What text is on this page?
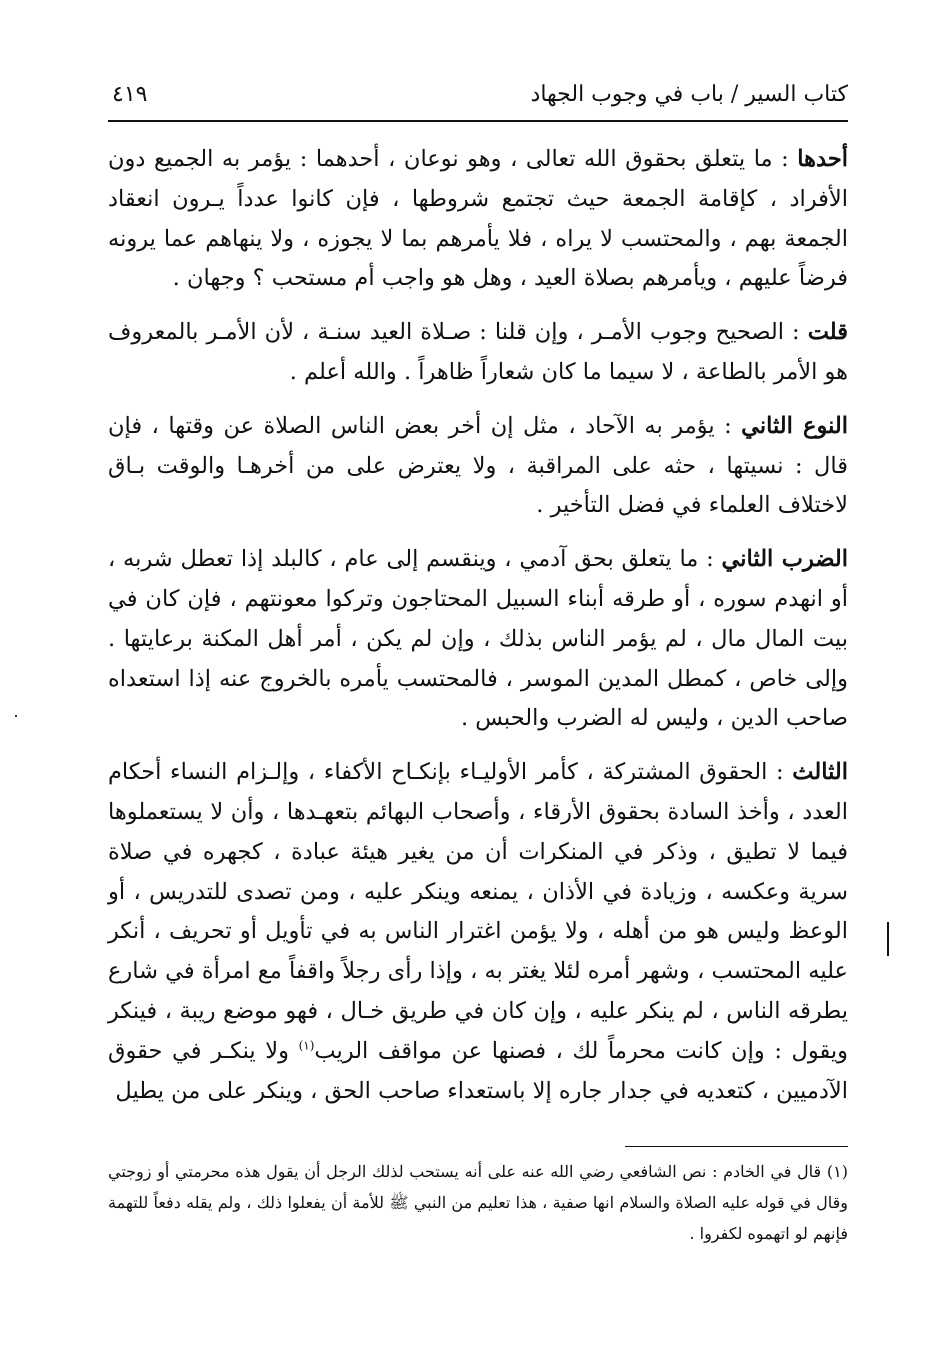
كتاب السير / باب في وجوب الجهاد
٤١٩

أحدها : ما يتعلق بحقوق الله تعالى ، وهو نوعان ، أحدهما : يؤمر به الجميع دون الأفراد ، كإقامة الجمعة حيث تجتمع شروطها ، فإن كانوا عدداً يـرون انعقاد الجمعة بهم ، والمحتسب لا يراه ، فلا يأمرهم بما لا يجوزه ، ولا ينهاهم عما يرونه فرضاً عليهم ، ويأمرهم بصلاة العيد ، وهل هو واجب أم مستحب ؟ وجهان .

قلت : الصحيح وجوب الأمـر ، وإن قلنا : صـلاة العيد سنـة ، لأن الأمـر بالمعروف هو الأمر بالطاعة ، لا سيما ما كان شعاراً ظاهراً . والله أعلم .

النوع الثاني : يؤمر به الآحاد ، مثل إن أخر بعض الناس الصلاة عن وقتها ، فإن قال : نسيتها ، حثه على المراقبة ، ولا يعترض على من أخرهـا والوقت بـاق لاختلاف العلماء في فضل التأخير .

الضرب الثاني : ما يتعلق بحق آدمي ، وينقسم إلى عام ، كالبلد إذا تعطل شربه ، أو انهدم سوره ، أو طرقه أبناء السبيل المحتاجون وتركوا معونتهم ، فإن كان في بيت المال مال ، لم يؤمر الناس بذلك ، وإن لم يكن ، أمر أهل المكنة برعايتها . وإلى خاص ، كمطل المدين الموسر ، فالمحتسب يأمره بالخروج عنه إذا استعداه صاحب الدين ، وليس له الضرب والحبس .

الثالث : الحقوق المشتركة ، كأمر الأوليـاء بإنكـاح الأكفاء ، وإلـزام النساء أحكام العدد ، وأخذ السادة بحقوق الأرقاء ، وأصحاب البهائم بتعهـدها ، وأن لا يستعملوها فيما لا تطيق ، وذكر في المنكرات أن من يغير هيئة عبادة ، كجهره في صلاة سرية وعكسه ، وزيادة في الأذان ، يمنعه وينكر عليه ، ومن تصدى للتدريس ، أو الوعظ وليس هو من أهله ، ولا يؤمن اغترار الناس به في تأويل أو تحريف ، أنكر عليه المحتسب ، وشهر أمره لئلا يغتر به ، وإذا رأى رجلاً واقفاً مع امرأة في شارع يطرقه الناس ، لم ينكر عليه ، وإن كان في طريق خـال ، فهو موضع ريبة ، فينكر ويقول : وإن كانت محرماً لك ، فصنها عن مواقف الريب$^{(١)}$ ولا ينكـر في حقوق الآدميين ، كتعديه في جدار جاره إلا باستعداء صاحب الحق ، وينكر على من يطيل

(١) قال في الخادم : نص الشافعي رضي الله عنه على أنه يستحب لذلك الرجل أن يقول هذه محرمتي أو زوجتي وقال في قوله عليه الصلاة والسلام انها صفية ، هذا تعليم من النبي ﷺ للأمة أن يفعلوا ذلك ، ولم يقله دفعاً للتهمة فإنهم لو اتهموه لكفروا .
